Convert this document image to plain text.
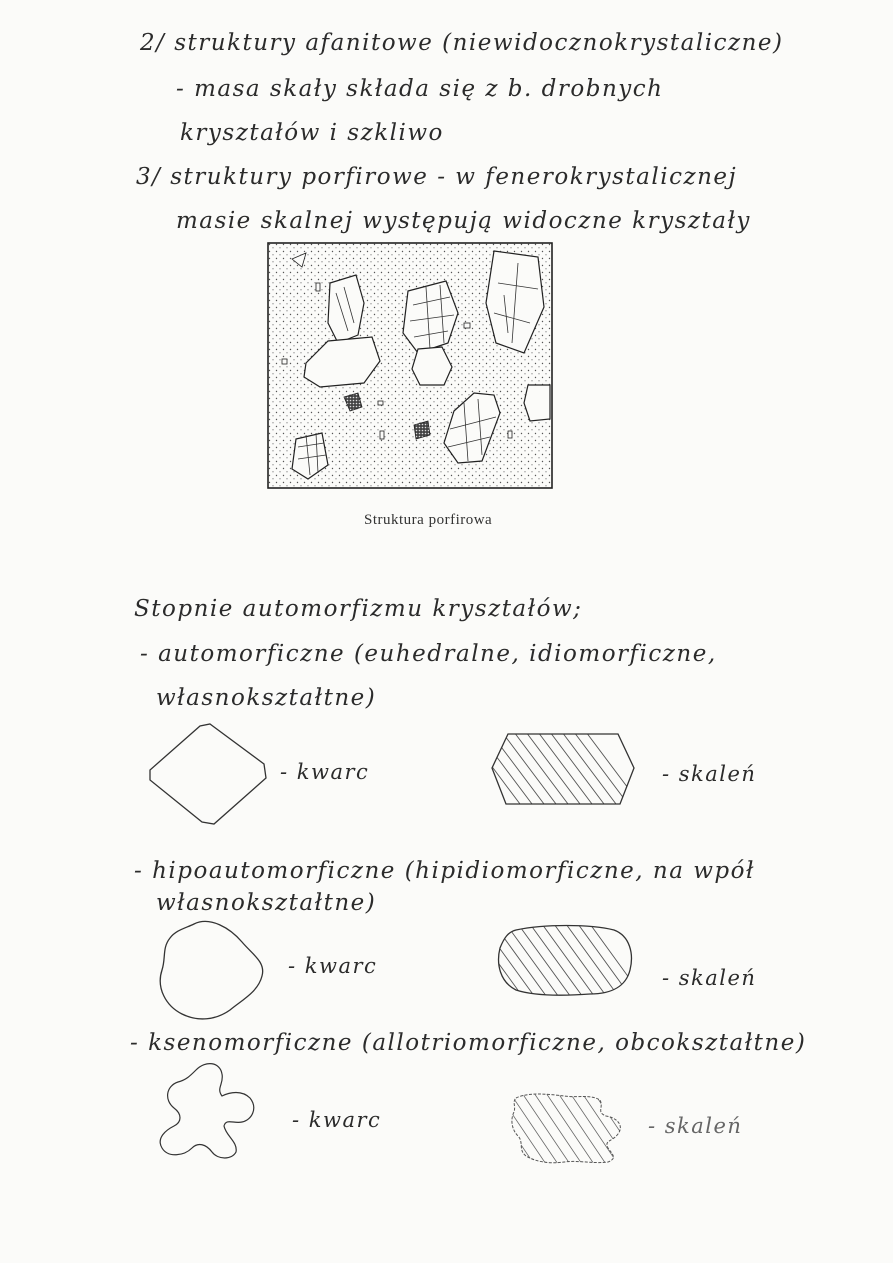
2/ struktury afanitowe (niewidocznokrystaliczne)
- masa skały składa się z b. drobnych
kryształów i szkliwo
3/ struktury porfirowe - w fenerokrystalicznej
masie skalnej występują widoczne kryształy
Struktura porfirowa
Stopnie automorfizmu kryształów;
- automorficzne (euhedralne, idiomorficzne,
własnokształtne)
- kwarc	- skaleń
- hipoautomorficzne (hipidiomorficzne, na wpół
własnokształtne)
- kwarc	- skaleń
- ksenomorficzne (allotriomorficzne, obcokształtne)
- kwarc	- skaleń
